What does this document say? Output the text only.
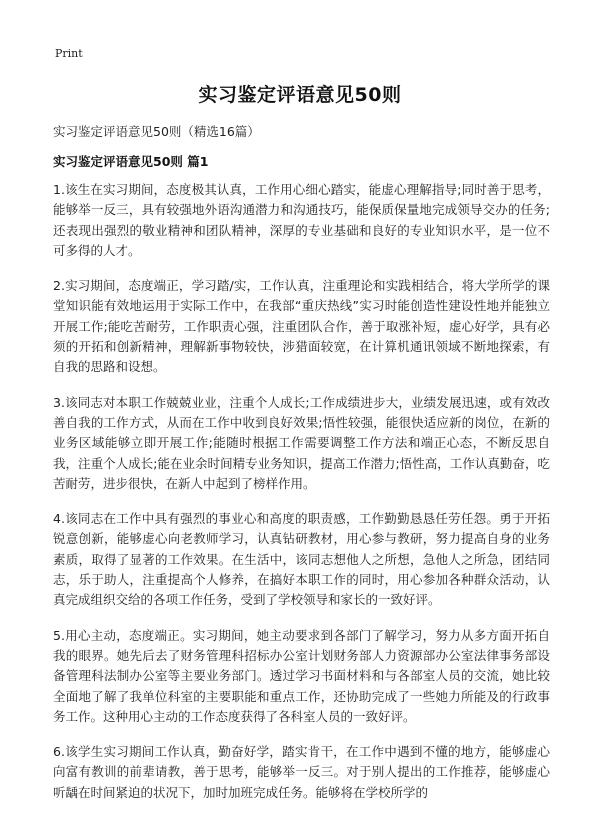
Print
实习鉴定评语意见50则
实习鉴定评语意见50则（精选16篇）
实习鉴定评语意见50则 篇1

1.该生在实习期间，态度极其认真，工作用心细心踏实，能虚心理解指导;同时善于思考，能够举一反三，具有较强地外语沟通潜力和沟通技巧，能保质保量地完成领导交办的任务;还表现出强烈的敬业精神和团队精神，深厚的专业基础和良好的专业知识水平，是一位不可多得的人才。

2.实习期间，态度端正，学习踏/实，工作认真，注重理论和实践相结合，将大学所学的课堂知识能有效地运用于实际工作中，在我部“重庆热线”实习时能创造性建设性地并能独立开展工作;能吃苦耐劳，工作职责心强，注重团队合作，善于取涨补短，虚心好学，具有必须的开拓和创新精神，理解新事物较快，涉猎面较宽，在计算机通讯领域不断地探索，有自我的思路和设想。

3.该同志对本职工作兢兢业业，注重个人成长;工作成绩进步大，业绩发展迅速，或有效改善自我的工作方式，从而在工作中收到良好效果;悟性较强，能很快适应新的岗位，在新的业务区域能够立即开展工作;能随时根据工作需要调整工作方法和端正心态，不断反思自我，注重个人成长;能在业余时间精专业务知识，提高工作潜力;悟性高，工作认真勤奋，吃苦耐劳，进步很快，在新人中起到了榜样作用。

4.该同志在工作中具有强烈的事业心和高度的职责感，工作勤勤恳恳任劳任怨。勇于开拓锐意创新，能够虚心向老教师学习，认真钻研教材，用心参与教研，努力提高自身的业务素质，取得了显著的工作效果。在生活中，该同志想他人之所想，急他人之所急，团结同志，乐于助人，注重提高个人修养，在搞好本职工作的同时，用心参加各种群众活动，认真完成组织交给的各项工作任务，受到了学校领导和家长的一致好评。

5.用心主动，态度端正。实习期间，她主动要求到各部门了解学习，努力从多方面开拓自我的眼界。她先后去了财务管理科招标办公室计划财务部人力资源部办公室法律事务部设备管理科法制办公室等主要业务部门。透过学习书面材料和与各部室人员的交流，她比较全面地了解了我单位科室的主要职能和重点工作，还协助完成了一些她力所能及的行政事务工作。这种用心主动的工作态度获得了各科室人员的一致好评。

6.该学生实习期间工作认真，勤奋好学，踏实肯干，在工作中遇到不懂的地方，能够虚心向富有教训的前辈请教，善于思考，能够举一反三。对于别人提出的工作推荐，能够虚心听龋在时间紧迫的状况下，加时加班完成任务。能够将在学校所学的
